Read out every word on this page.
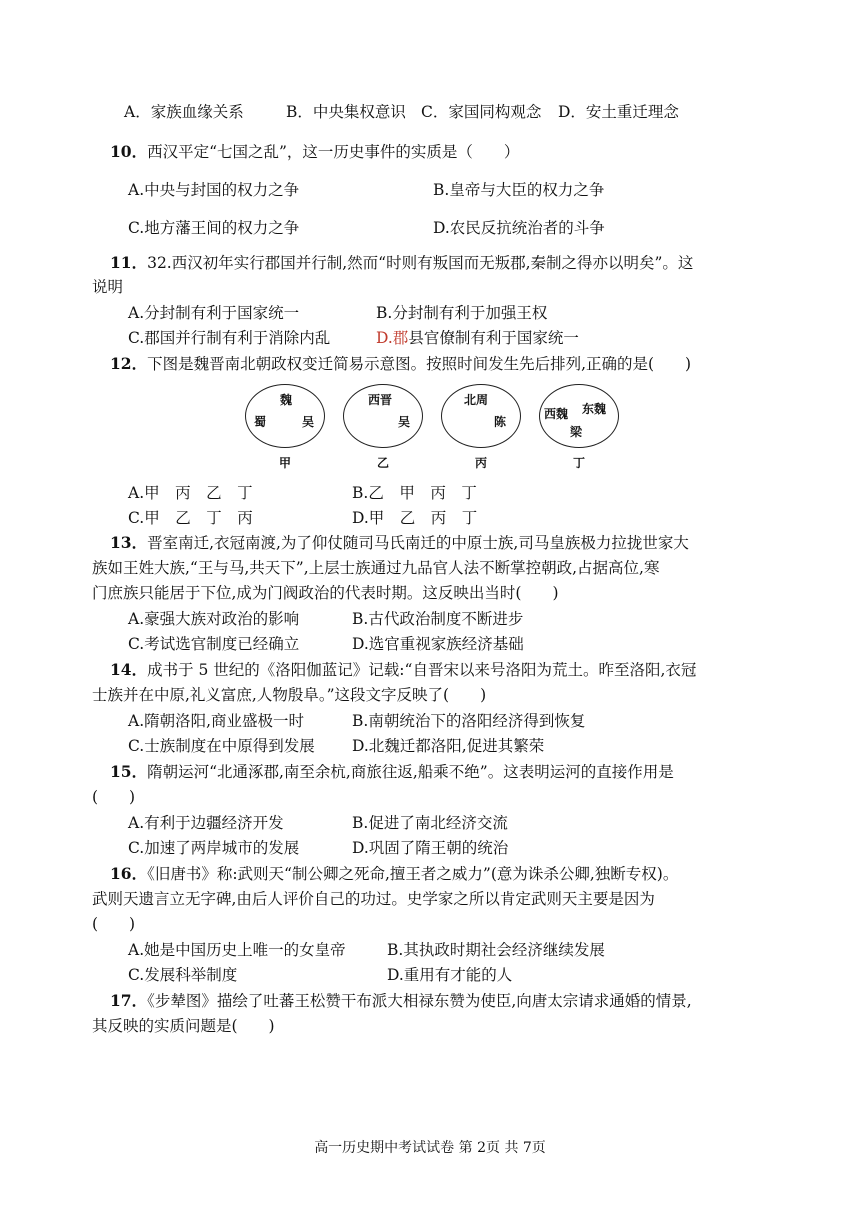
A．家族血缘关系	B．中央集权意识 C．家国同构观念 D．安土重迁理念
10．西汉平定“七国之乱”，这一历史事件的实质是（　　）
A.中央与封国的权力之争	B.皇帝与大臣的权力之争
C.地方藩王间的权力之争	D.农民反抗统治者的斗争
11．32.西汉初年实行郡国并行制,然而“时则有叛国而无叛郡,秦制之得亦以明矣”。这
说明
A.分封制有利于国家统一	B.分封制有利于加强王权
C.郡国并行制有利于消除内乱	D.郡县官僚制有利于国家统一
12．下图是魏晋南北朝政权变迁简易示意图。按照时间发生先后排列,正确的是(　　)
魏
蜀	吴
甲
西晋
吴
乙
北周
陈
丙
西魏 东魏
梁
丁
A.甲　丙　乙　丁	B.乙　甲　丙　丁
C.甲　乙　丁　丙	D.甲　乙　丙　丁
13．晋室南迁,衣冠南渡,为了仰仗随司马氏南迁的中原士族,司马皇族极力拉拢世家大
族如王姓大族,“王与马,共天下”,上层士族通过九品官人法不断掌控朝政,占据高位,寒
门庶族只能居于下位,成为门阀政治的代表时期。这反映出当时(　　)
A.豪强大族对政治的影响	B.古代政治制度不断进步
C.考试选官制度已经确立	D.选官重视家族经济基础
14．成书于 5 世纪的《洛阳伽蓝记》记载:“自晋宋以来号洛阳为荒土。昨至洛阳,衣冠
士族并在中原,礼义富庶,人物殷阜。”这段文字反映了(　　)
A.隋朝洛阳,商业盛极一时	B.南朝统治下的洛阳经济得到恢复
C.士族制度在中原得到发展 D.北魏迁都洛阳,促进其繁荣
15．隋朝运河“北通涿郡,南至余杭,商旅往返,船乘不绝”。这表明运河的直接作用是
(　　)
A.有利于边疆经济开发	B.促进了南北经济交流
C.加速了两岸城市的发展	D.巩固了隋王朝的统治
16．《旧唐书》称:武则天“制公卿之死命,擅王者之威力”(意为诛杀公卿,独断专权)。
武则天遗言立无字碑,由后人评价自己的功过。史学家之所以肯定武则天主要是因为
(　　)
A.她是中国历史上唯一的女皇帝	B.其执政时期社会经济继续发展
C.发展科举制度	D.重用有才能的人
17．《步辇图》描绘了吐蕃王松赞干布派大相禄东赞为使臣,向唐太宗请求通婚的情景,
其反映的实质问题是(　　)
高一历史期中考试试卷 第 2页 共 7页
